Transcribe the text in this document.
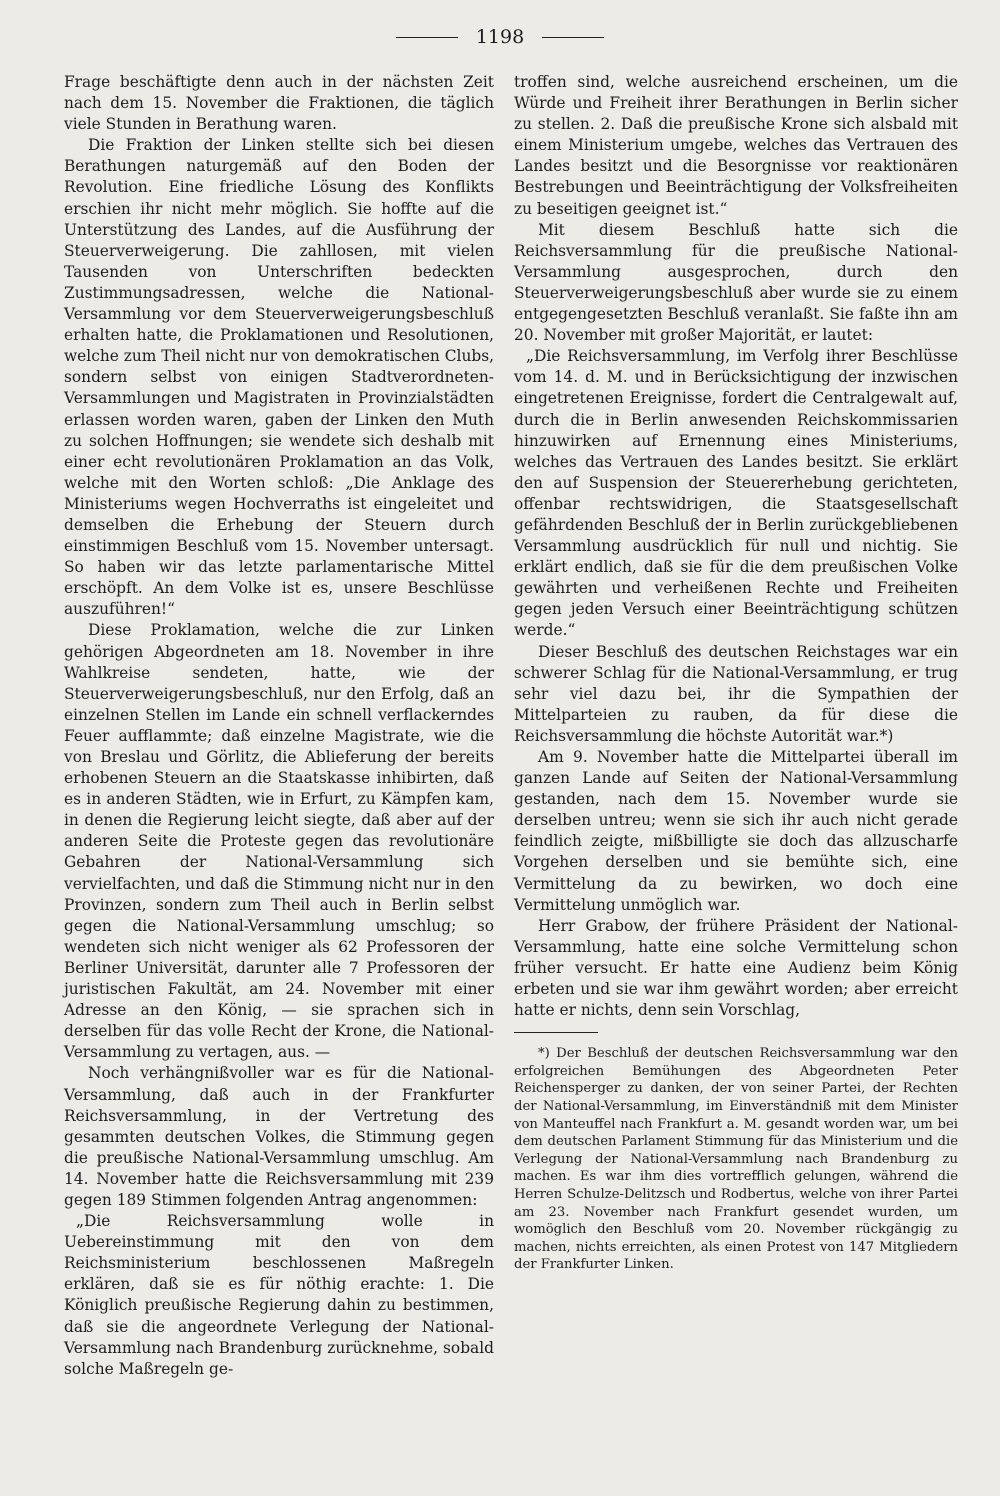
1198

Frage beschäftigte denn auch in der nächsten Zeit nach dem 15. November die Fraktionen, die täglich viele Stunden in Berathung waren.

Die Fraktion der Linken stellte sich bei diesen Berathungen naturgemäß auf den Boden der Revolution. Eine friedliche Lösung des Konflikts erschien ihr nicht mehr möglich. Sie hoffte auf die Unterstützung des Landes, auf die Ausführung der Steuerverweigerung. Die zahllosen, mit vielen Tausenden von Unterschriften bedeckten Zustimmungsadressen, welche die National-Versammlung vor dem Steuerverweigerungsbeschluß erhalten hatte, die Proklamationen und Resolutionen, welche zum Theil nicht nur von demokratischen Clubs, sondern selbst von einigen Stadtverordneten-Versammlungen und Magistraten in Provinzialstädten erlassen worden waren, gaben der Linken den Muth zu solchen Hoffnungen; sie wendete sich deshalb mit einer echt revolutionären Proklamation an das Volk, welche mit den Worten schloß: „Die Anklage des Ministeriums wegen Hochverraths ist eingeleitet und demselben die Erhebung der Steuern durch einstimmigen Beschluß vom 15. November untersagt. So haben wir das letzte parlamentarische Mittel erschöpft. An dem Volke ist es, unsere Beschlüsse auszuführen!“

Diese Proklamation, welche die zur Linken gehörigen Abgeordneten am 18. November in ihre Wahlkreise sendeten, hatte, wie der Steuerverweigerungsbeschluß, nur den Erfolg, daß an einzelnen Stellen im Lande ein schnell verflackerndes Feuer aufflammte; daß einzelne Magistrate, wie die von Breslau und Görlitz, die Ablieferung der bereits erhobenen Steuern an die Staatskasse inhibirten, daß es in anderen Städten, wie in Erfurt, zu Kämpfen kam, in denen die Regierung leicht siegte, daß aber auf der anderen Seite die Proteste gegen das revolutionäre Gebahren der National-Versammlung sich vervielfachten, und daß die Stimmung nicht nur in den Provinzen, sondern zum Theil auch in Berlin selbst gegen die National-Versammlung umschlug; so wendeten sich nicht weniger als 62 Professoren der Berliner Universität, darunter alle 7 Professoren der juristischen Fakultät, am 24. November mit einer Adresse an den König, — sie sprachen sich in derselben für das volle Recht der Krone, die National-Versammlung zu vertagen, aus. —

Noch verhängnißvoller war es für die National-Versammlung, daß auch in der Frankfurter Reichsversammlung, in der Vertretung des gesammten deutschen Volkes, die Stimmung gegen die preußische National-Versammlung umschlug. Am 14. November hatte die Reichsversammlung mit 239 gegen 189 Stimmen folgenden Antrag angenommen:

„Die Reichsversammlung wolle in Uebereinstimmung mit den von dem Reichsministerium beschlossenen Maßregeln erklären, daß sie es für nöthig erachte: 1. Die Königlich preußische Regierung dahin zu bestimmen, daß sie die angeordnete Verlegung der National-Versammlung nach Brandenburg zurücknehme, sobald solche Maßregeln ge-

troffen sind, welche ausreichend erscheinen, um die Würde und Freiheit ihrer Berathungen in Berlin sicher zu stellen. 2. Daß die preußische Krone sich alsbald mit einem Ministerium umgebe, welches das Vertrauen des Landes besitzt und die Besorgnisse vor reaktionären Bestrebungen und Beeinträchtigung der Volksfreiheiten zu beseitigen geeignet ist.“

Mit diesem Beschluß hatte sich die Reichsversammlung für die preußische National-Versammlung ausgesprochen, durch den Steuerverweigerungsbeschluß aber wurde sie zu einem entgegengesetzten Beschluß veranlaßt. Sie faßte ihn am 20. November mit großer Majorität, er lautet:

„Die Reichsversammlung, im Verfolg ihrer Beschlüsse vom 14. d. M. und in Berücksichtigung der inzwischen eingetretenen Ereignisse, fordert die Centralgewalt auf, durch die in Berlin anwesenden Reichskommissarien hinzuwirken auf Ernennung eines Ministeriums, welches das Vertrauen des Landes besitzt. Sie erklärt den auf Suspension der Steuererhebung gerichteten, offenbar rechtswidrigen, die Staatsgesellschaft gefährdenden Beschluß der in Berlin zurückgebliebenen Versammlung ausdrücklich für null und nichtig. Sie erklärt endlich, daß sie für die dem preußischen Volke gewährten und verheißenen Rechte und Freiheiten gegen jeden Versuch einer Beeinträchtigung schützen werde.“

Dieser Beschluß des deutschen Reichstages war ein schwerer Schlag für die National-Versammlung, er trug sehr viel dazu bei, ihr die Sympathien der Mittelparteien zu rauben, da für diese die Reichsversammlung die höchste Autorität war.*)

Am 9. November hatte die Mittelpartei überall im ganzen Lande auf Seiten der National-Versammlung gestanden, nach dem 15. November wurde sie derselben untreu; wenn sie sich ihr auch nicht gerade feindlich zeigte, mißbilligte sie doch das allzuscharfe Vorgehen derselben und sie bemühte sich, eine Vermittelung da zu bewirken, wo doch eine Vermittelung unmöglich war.

Herr Grabow, der frühere Präsident der National-Versammlung, hatte eine solche Vermittelung schon früher versucht. Er hatte eine Audienz beim König erbeten und sie war ihm gewährt worden; aber erreicht hatte er nichts, denn sein Vorschlag,

*) Der Beschluß der deutschen Reichsversammlung war den erfolgreichen Bemühungen des Abgeordneten Peter Reichensperger zu danken, der von seiner Partei, der Rechten der National-Versammlung, im Einverständniß mit dem Minister von Manteuffel nach Frankfurt a. M. gesandt worden war, um bei dem deutschen Parlament Stimmung für das Ministerium und die Verlegung der National-Versammlung nach Brandenburg zu machen. Es war ihm dies vortrefflich gelungen, während die Herren Schulze-Delitzsch und Rodbertus, welche von ihrer Partei am 23. November nach Frankfurt gesendet wurden, um womöglich den Beschluß vom 20. November rückgängig zu machen, nichts erreichten, als einen Protest von 147 Mitgliedern der Frankfurter Linken.
